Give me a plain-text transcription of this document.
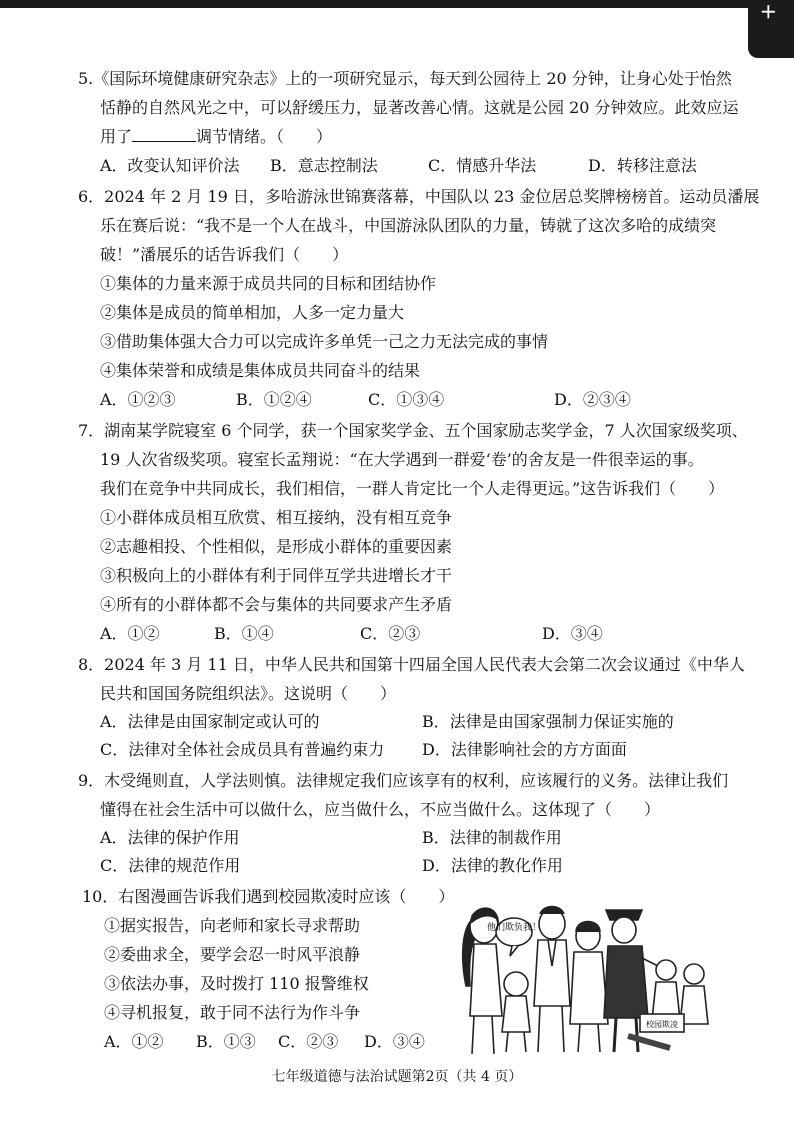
✕
5.《国际环境健康研究杂志》上的一项研究显示，每天到公园待上 20 分钟，让身心处于怡然
恬静的自然风光之中，可以舒缓压力，显著改善心情。这就是公园 20 分钟效应。此效应运
用了	调节情绪。（　　）
A．改变认知评价法	B．意志控制法	C．情感升华法	D．转移注意法
6．2024 年 2 月 19 日，多哈游泳世锦赛落幕，中国队以 23 金位居总奖牌榜榜首。运动员潘展
乐在赛后说：“我不是一个人在战斗，中国游泳队团队的力量，铸就了这次多哈的成绩突
破！”潘展乐的话告诉我们（　　）
①集体的力量来源于成员共同的目标和团结协作
②集体是成员的简单相加，人多一定力量大
③借助集体强大合力可以完成许多单凭一己之力无法完成的事情
④集体荣誉和成绩是集体成员共同奋斗的结果
A．①②③	B．①②④	C．①③④	D．②③④
7．湖南某学院寝室 6 个同学，获一个国家奖学金、五个国家励志奖学金，7 人次国家级奖项、
19 人次省级奖项。寝室长孟翔说：“在大学遇到一群爱‘卷’的舍友是一件很幸运的事。
我们在竞争中共同成长，我们相信，一群人肯定比一个人走得更远。”这告诉我们（　　）
①小群体成员相互欣赏、相互接纳，没有相互竞争
②志趣相投、个性相似，是形成小群体的重要因素
③积极向上的小群体有利于同伴互学共进增长才干
④所有的小群体都不会与集体的共同要求产生矛盾
A．①②	B．①④	C．②③	D．③④
8．2024 年 3 月 11 日，中华人民共和国第十四届全国人民代表大会第二次会议通过《中华人
民共和国国务院组织法》。这说明（　　）
A．法律是由国家制定或认可的	B．法律是由国家强制力保证实施的
C．法律对全体社会成员具有普遍约束力	D．法律影响社会的方方面面
9．木受绳则直，人学法则慎。法律规定我们应该享有的权利，应该履行的义务。法律让我们
懂得在社会生活中可以做什么，应当做什么，不应当做什么。这体现了（　　）
A．法律的保护作用	B．法律的制裁作用
C．法律的规范作用	D．法律的教化作用
10．右图漫画告诉我们遇到校园欺凌时应该（　　）
①据实报告，向老师和家长寻求帮助
②委曲求全，要学会忍一时风平浪静
③依法办事，及时拨打 110 报警维权
④寻机报复，敢于同不法行为作斗争
A．①②	B．①③	C．②③	D．③④
他们欺负我！
校园欺凌
七年级道德与法治试题第2页（共 4 页）
